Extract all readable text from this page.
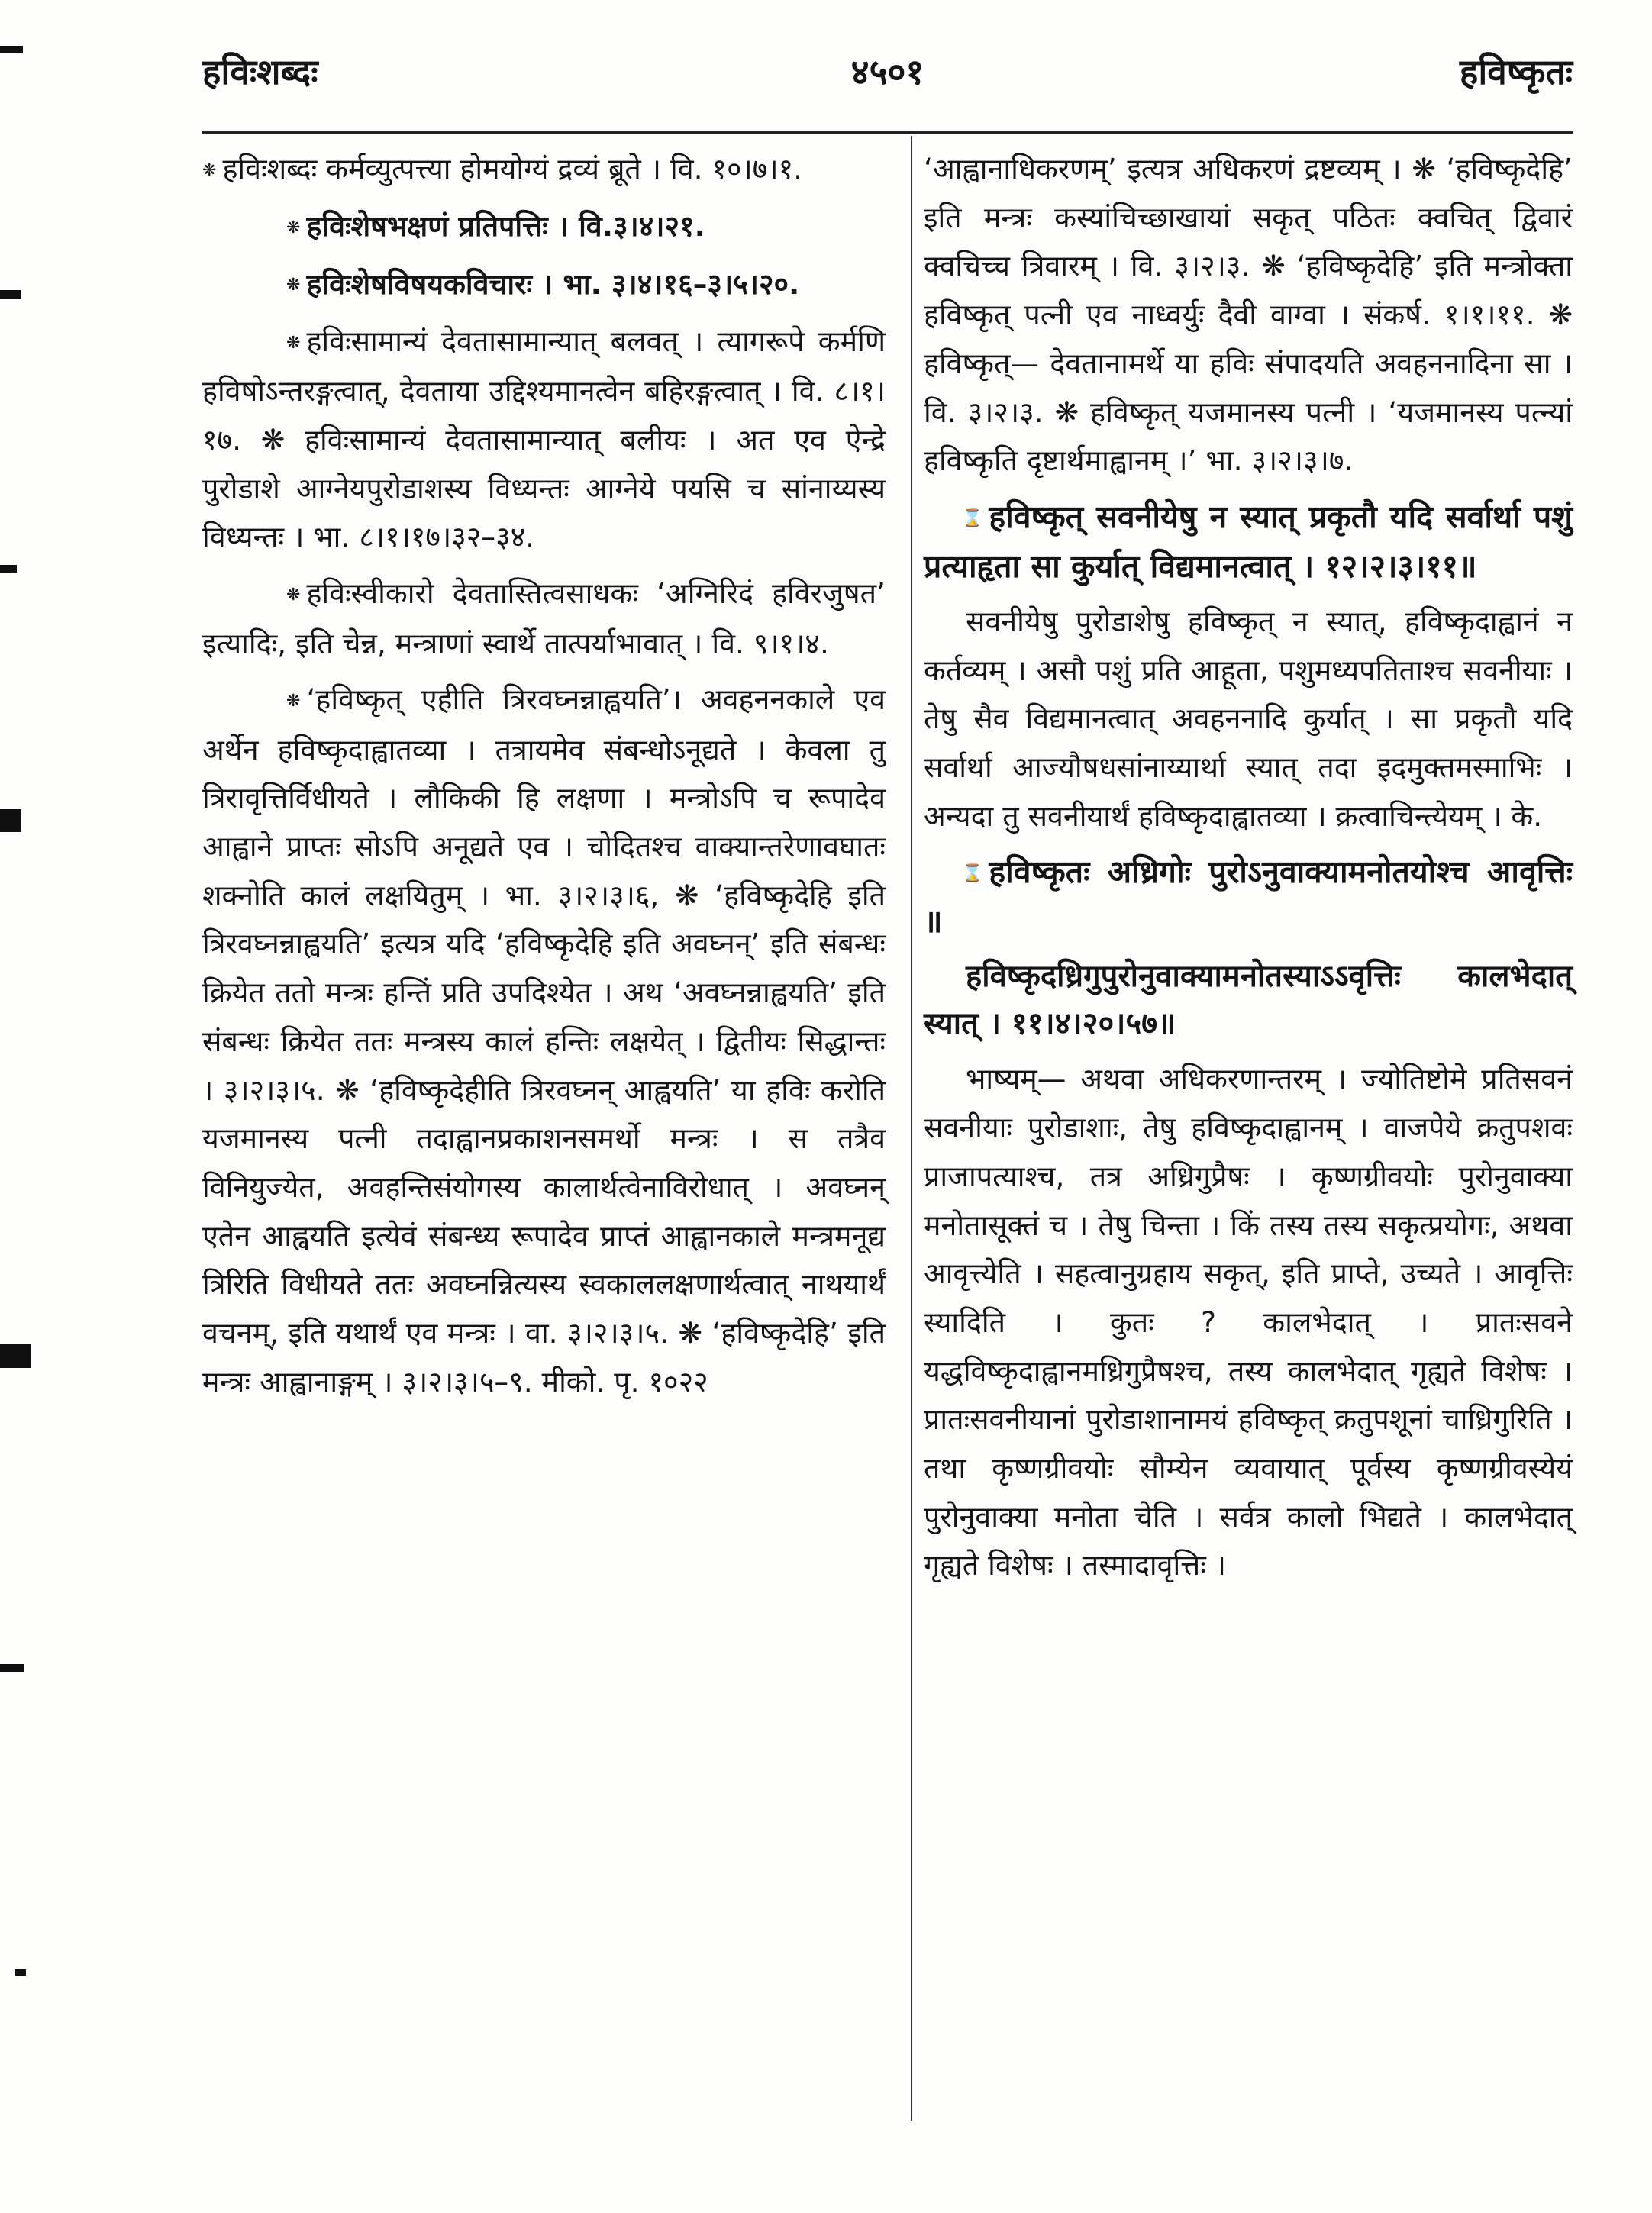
हविःशब्दः	४५०१	हविष्कृतः

❋ हविःशब्दः कर्मव्युत्पत्त्या होमयोग्यं द्रव्यं ब्रूते । वि. १०।७।१.

❋ हविःशेषभक्षणं प्रतिपत्तिः । वि.३।४।२१.

❋ हविःशेषविषयकविचारः । भा. ३।४।१६–३।५।२०.

❋ हविःसामान्यं देवतासामान्यात् बलवत् । त्यागरूपे कर्मणि हविषोऽन्तरङ्गत्वात्, देवताया उद्दिश्यमानत्वेन बहिरङ्गत्वात् । वि. ८।१।१७. ❋ हविःसामान्यं देवतासामान्यात् बलीयः । अत एव ऐन्द्रे पुरोडाशे आग्नेयपुरोडाशस्य विध्यन्तः आग्नेये पयसि च सांनाय्यस्य विध्यन्तः । भा. ८।१।१७।३२–३४.

❋ हविःस्वीकारो देवतास्तित्वसाधकः ‘अग्निरिदं हविरजुषत’ इत्यादिः, इति चेन्न, मन्त्राणां स्वार्थे तात्पर्याभावात् । वि. ९।१।४.

❋ ‘हविष्कृत् एहीति त्रिरवघ्नन्नाह्वयति’। अवहननकाले एव अर्थेन हविष्कृदाह्वातव्या । तत्रायमेव संबन्धोऽनूद्यते । केवला तु त्रिरावृत्तिर्विधीयते । लौकिकी हि लक्षणा । मन्त्रोऽपि च रूपादेव आह्वाने प्राप्तः सोऽपि अनूद्यते एव । चोदितश्च वाक्यान्तरेणावघातः शक्नोति कालं लक्षयितुम् । भा. ३।२।३।६, ❋ ‘हविष्कृदेहि इति त्रिरवघ्नन्नाह्वयति’ इत्यत्र यदि ‘हविष्कृदेहि इति अवघ्नन्’ इति संबन्धः क्रियेत ततो मन्त्रः हन्तिं प्रति उपदिश्येत । अथ ‘अवघ्नन्नाह्वयति’ इति संबन्धः क्रियेत ततः मन्त्रस्य कालं हन्तिः लक्षयेत् । द्वितीयः सिद्धान्तः । ३।२।३।५. ❋ ‘हविष्कृदेहीति त्रिरवघ्नन् आह्वयति’ या हविः करोति यजमानस्य पत्नी तदाह्वानप्रकाशनसमर्थो मन्त्रः । स तत्रैव विनियुज्येत, अवहन्तिसंयोगस्य कालार्थत्वेनाविरोधात् । अवघ्नन् एतेन आह्वयति इत्येवं संबन्ध्य रूपादेव प्राप्तं आह्वानकाले मन्त्रमनूद्य त्रिरिति विधीयते ततः अवघ्नन्नित्यस्य स्वकाललक्षणार्थत्वात् नाथयार्थं वचनम्, इति यथार्थं एव मन्त्रः । वा. ३।२।३।५. ❋ ‘हविष्कृदेहि’ इति मन्त्रः आह्वानाङ्गम् । ३।२।३।५–९. मीको. पृ. १०२२

‘आह्वानाधिकरणम्’ इत्यत्र अधिकरणं द्रष्टव्यम् । ❋ ‘हविष्कृदेहि’ इति मन्त्रः कस्यांचिच्छाखायां सकृत् पठितः क्वचित् द्विवारं क्वचिच्च त्रिवारम् । वि. ३।२।३. ❋ ‘हविष्कृदेहि’ इति मन्त्रोक्ता हविष्कृत् पत्नी एव नाध्वर्युः दैवी वाग्वा । संकर्ष. १।१।११. ❋ हविष्कृत्— देवतानामर्थे या हविः संपादयति अवहननादिना सा । वि. ३।२।३. ❋ हविष्कृत् यजमानस्य पत्नी । ‘यजमानस्य पत्न्यां हविष्कृति दृष्टार्थमाह्वानम् ।’ भा. ३।२।३।७.

⌛ हविष्कृत् सवनीयेषु न स्यात् प्रकृतौ यदि सर्वार्था पशुं प्रत्याहृता सा कुर्यात् विद्यमानत्वात् । १२।२।३।११॥

सवनीयेषु पुरोडाशेषु हविष्कृत् न स्यात्, हविष्कृदाह्वानं न कर्तव्यम् । असौ पशुं प्रति आहूता, पशुमध्यपतिताश्च सवनीयाः । तेषु सैव विद्यमानत्वात् अवहननादि कुर्यात् । सा प्रकृतौ यदि सर्वार्था आज्यौषधसांनाय्यार्था स्यात् तदा इदमुक्तमस्माभिः । अन्यदा तु सवनीयार्थं हविष्कृदाह्वातव्या । क्रत्वाचिन्त्येयम् । के.

⌛ हविष्कृतः अध्रिगोः पुरोऽनुवाक्यामनोतयोश्च आवृत्तिः ॥

हविष्कृदध्रिगुपुरोनुवाक्यामनोतस्याऽऽवृत्तिः कालभेदात् स्यात् । ११।४।२०।५७॥

भाष्यम्— अथवा अधिकरणान्तरम् । ज्योतिष्टोमे प्रतिसवनं सवनीयाः पुरोडाशाः, तेषु हविष्कृदाह्वानम् । वाजपेये क्रतुपशवः प्राजापत्याश्च, तत्र अध्रिगुप्रैषः । कृष्णग्रीवयोः पुरोनुवाक्या मनोतासूक्तं च । तेषु चिन्ता । किं तस्य तस्य सकृत्प्रयोगः, अथवा आवृत्त्येति । सहत्वानुग्रहाय सकृत्, इति प्राप्ते, उच्यते । आवृत्तिः स्यादिति । कुतः ? कालभेदात् । प्रातःसवने यद्धविष्कृदाह्वानमध्रिगुप्रैषश्च, तस्य कालभेदात् गृह्यते विशेषः । प्रातःसवनीयानां पुरोडाशानामयं हविष्कृत् क्रतुपशूनां चाध्रिगुरिति । तथा कृष्णग्रीवयोः सौम्येन व्यवायात् पूर्वस्य कृष्णग्रीवस्येयं पुरोनुवाक्या मनोता चेति । सर्वत्र कालो भिद्यते । कालभेदात् गृह्यते विशेषः । तस्मादावृत्तिः ।
